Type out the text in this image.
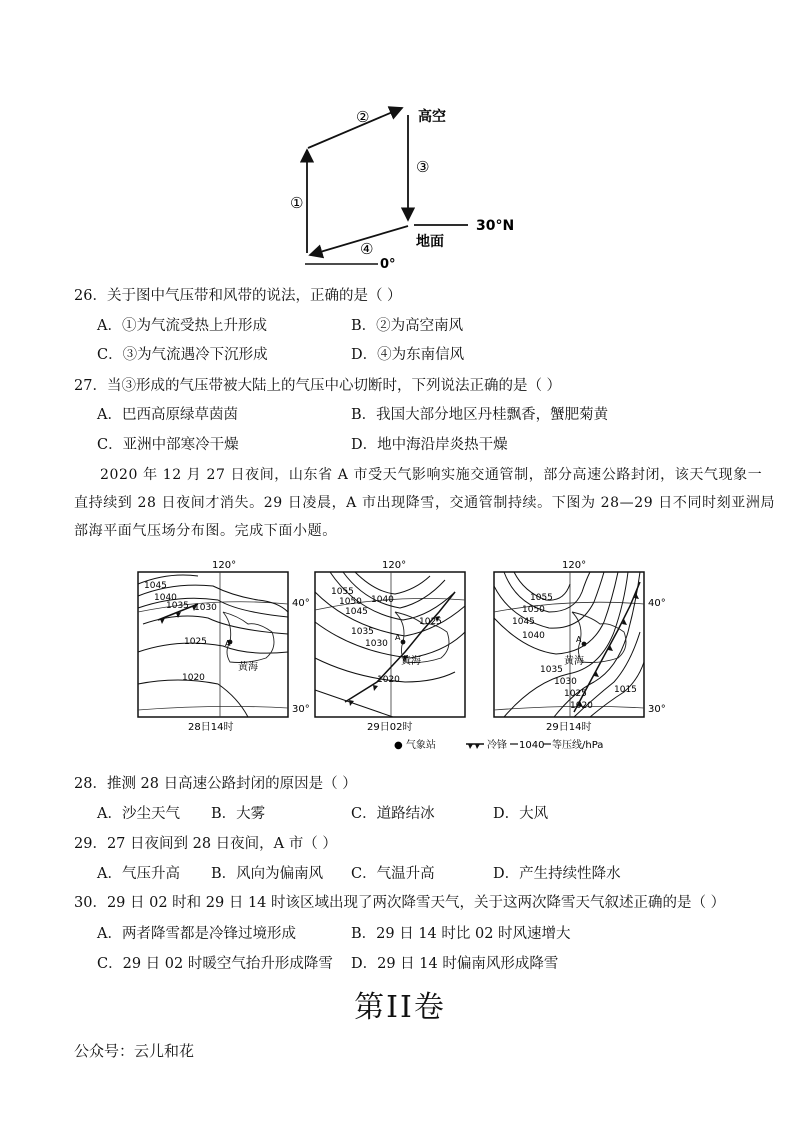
①
②
③
④
高空
地面
30°N
0°
26．关于图中气压带和风带的说法，正确的是（ ）
A．①为气流受热上升形成	B．②为高空南风
C．③为气流遇冷下沉形成	D．④为东南信风
27．当③形成的气压带被大陆上的气压中心切断时，下列说法正确的是（ ）
A．巴西高原绿草茵茵	B．我国大部分地区丹桂飘香，蟹肥菊黄
C．亚洲中部寒冷干燥	D．地中海沿岸炎热干燥
2020 年 12 月 27 日夜间，山东省 A 市受天气影响实施交通管制，部分高速公路封闭，该天气现象一
直持续到 28 日夜间才消失。29 日凌晨，A 市出现降雪，交通管制持续。下图为 28—29 日不同时刻亚洲局
部海平面气压场分布图。完成下面小题。
1045
1040
1035 1030
1025
1020
A
黄海
120°
40°
30°
28日14时
1055
1050
1045
1040
1035
1030
1025
1020
A
黄海
120°
29日02时
1055
1050
1045
1040
1035
1030
1025
1020
1015
A
黄海
120°
40°
30°
29日14时
● 气象站	冷锋 1040 等压线/hPa
28．推测 28 日高速公路封闭的原因是（ ）
A．沙尘天气 B．大雾	C．道路结冰	D．大风
29．27 日夜间到 28 日夜间，A 市（ ）
A．气压升高 B．风向为偏南风 C．气温升高	D．产生持续性降水
30．29 日 02 时和 29 日 14 时该区域出现了两次降雪天气，关于这两次降雪天气叙述正确的是（ ）
A．两者降雪都是冷锋过境形成	B．29 日 14 时比 02 时风速增大
C．29 日 02 时暖空气抬升形成降雪 D．29 日 14 时偏南风形成降雪
第II卷
公众号：云儿和花
